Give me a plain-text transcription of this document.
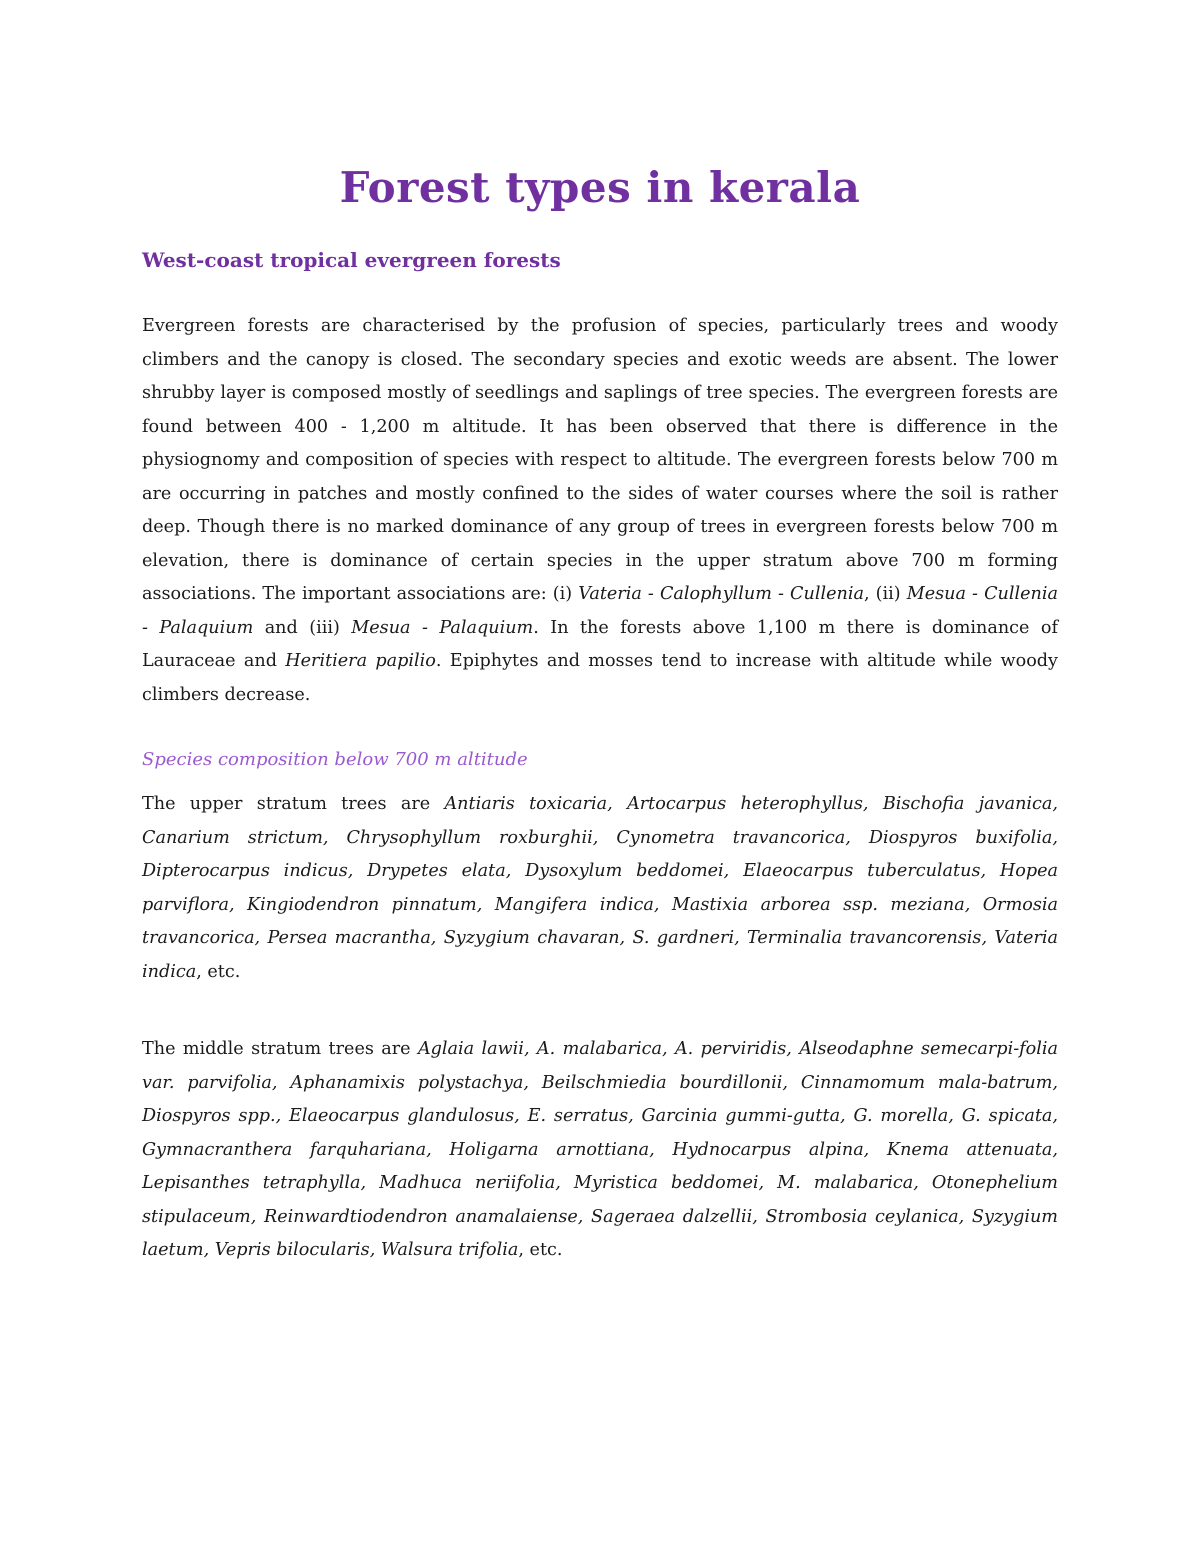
Forest types in kerala
West-coast tropical evergreen forests

Evergreen forests are characterised by the profusion of species, particularly trees and woody climbers and the canopy is closed. The secondary species and exotic weeds are absent. The lower shrubby layer is composed mostly of seedlings and saplings of tree species. The evergreen forests are found between 400 - 1,200 m altitude. It has been observed that there is difference in the physiognomy and composition of species with respect to altitude. The evergreen forests below 700 m are occurring in patches and mostly confined to the sides of water courses where the soil is rather deep. Though there is no marked dominance of any group of trees in evergreen forests below 700 m elevation, there is dominance of certain species in the upper stratum above 700 m forming associations. The important associations are: (i) Vateria - Calophyllum - Cullenia, (ii) Mesua - Cullenia - Palaquium and (iii) Mesua - Palaquium. In the forests above 1,100 m there is dominance of Lauraceae and Heritiera papilio. Epiphytes and mosses tend to increase with altitude while woody climbers decrease.

Species composition below 700 m altitude

The upper stratum trees are Antiaris toxicaria, Artocarpus heterophyllus, Bischofia javanica, Canarium strictum, Chrysophyllum roxburghii, Cynometra travancorica, Diospyros buxifolia, Dipterocarpus indicus, Drypetes elata, Dysoxylum beddomei, Elaeocarpus tuberculatus, Hopea parviflora, Kingiodendron pinnatum, Mangifera indica, Mastixia arborea ssp. meziana, Ormosia travancorica, Persea macrantha, Syzygium chavaran, S. gardneri, Terminalia travancorensis, Vateria indica, etc.

The middle stratum trees are Aglaia lawii, A. malabarica, A. perviridis, Alseodaphne semecarpi-folia var. parvifolia, Aphanamixis polystachya, Beilschmiedia bourdillonii, Cinnamomum mala-batrum, Diospyros spp., Elaeocarpus glandulosus, E. serratus, Garcinia gummi-gutta, G. morella, G. spicata, Gymnacranthera farquhariana, Holigarna arnottiana, Hydnocarpus alpina, Knema attenuata, Lepisanthes tetraphylla, Madhuca neriifolia, Myristica beddomei, M. malabarica, Otonephelium stipulaceum, Reinwardtiodendron anamalaiense, Sageraea dalzellii, Strombosia ceylanica, Syzygium laetum, Vepris bilocularis, Walsura trifolia, etc.
